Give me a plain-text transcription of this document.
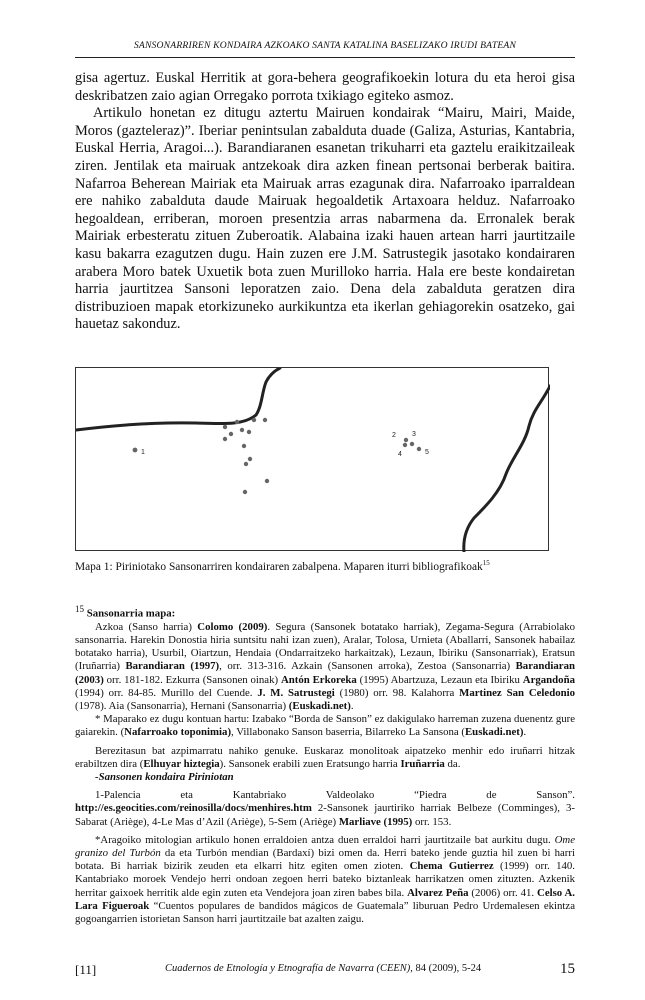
SANSONARRIREN KONDAIRA AZKOAKO SANTA KATALINA BASELIZAKO IRUDI BATEAN

gisa agertuz. Euskal Herritik at gora-behera geografikoekin lotura du eta heroi gisa deskribatzen zaio agian Orregako porrota txikiago egiteko asmoz.

Artikulo honetan ez ditugu aztertu Mairuen kondairak “Mairu, Mairi, Maide, Moros (gazteleraz)”. Iberiar penintsulan zabalduta duade (Galiza, Asturias, Kantabria, Euskal Herria, Aragoi...). Barandiaranen esanetan trikuharri eta gaztelu eraikitzaileak ziren. Jentilak eta mairuak antzekoak dira azken finean pertsonai berberak baitira. Nafarroa Beherean Mairiak eta Mairuak arras ezagunak dira. Nafarroako iparraldean ere nahiko zabalduta daude Mairuak hegoaldetik Artaxoara helduz. Nafarroako hegoaldean, erriberan, moroen presentzia arras nabarmena da. Erronalek berak Mairiak erbesteratu zituen Zuberoatik. Alabaina izaki hauen artean harri jaurtitzaile kasu bakarra ezagutzen dugu. Hain zuzen ere J.M. Satrustegik jasotako kondairaren arabera Moro batek Uxuetik bota zuen Murilloko harria. Hala ere beste kondairetan harria jaurtitzea Sansoni leporatzen zaio. Dena dela zabalduta geratzen dira distribuzioen mapak etorkizuneko aurkikuntza eta ikerlan gehiagorekin osatzeko, gai hauetaz sakonduz.

1
2 3
4	5
Mapa 1: Piriniotako Sansonarriren kondairaren zabalpena. Maparen iturri bibliografikoak$^{15}$

$^{15}$ Sansonarria mapa:

Azkoa (Sanso harria) Colomo (2009). Segura (Sansonek botatako harriak), Zegama-Segura (Arrabiolako sansonarria. Harekin Donostia hiria suntsitu nahi izan zuen), Aralar, Tolosa, Urnieta (Aballarri, Sansonek habailaz botatako harria), Usurbil, Oiartzun, Hendaia (Ondarraitzeko harkaitzak), Lezaun, Ibiriku (Sansonarriak), Eratsun (Iruñarria) Barandiaran (1997), orr. 313-316. Azkain (Sansonen arroka), Zestoa (Sansonarria) Barandiaran (2003) orr. 181-182. Ezkurra (Sansonen oinak) Antón Erkoreka (1995) Abartzuza, Lezaun eta Ibiriku Argandoña (1994) orr. 84-85. Murillo del Cuende. J. M. Satrustegi (1980) orr. 98. Kalahorra Martinez San Celedonio (1978). Aia (Sansonarria), Hernani (Sansonarria) (Euskadi.net).

* Maparako ez dugu kontuan hartu: Izabako “Borda de Sanson” ez dakigulako harreman zuzena duenentz gure gaiarekin. (Nafarroako toponimia), Villabonako Sanson baserria, Bilarreko La Sansona (Euskadi.net).

Berezitasun bat azpimarratu nahiko genuke. Euskaraz monolitoak aipatzeko menhir edo iruñarri hitzak erabiltzen dira (Elhuyar hiztegia). Sansonek erabili zuen Eratsungo harria Iruñarria da.

-Sansonen kondaira Piriniotan

1-Palencia eta Kantabriako Valdeolako “Piedra de Sanson”. http://es.geocities.com/reinosilla/docs/menhires.htm 2-Sansonek jaurtiriko harriak Belbeze (Comminges), 3-Sabarat (Ariège), 4-Le Mas d’Azil (Ariège), 5-Sem (Ariège) Marliave (1995) orr. 153.

*Aragoiko mitologian artikulo honen erraldoien antza duen erraldoi harri jaurtitzaile bat aurkitu dugu. Ome granizo del Turbón da eta Turbón mendian (Bardaxí) bizi omen da. Herri bateko jende guztia hil zuen bi harri botata. Bi harriak bizirik zeuden eta elkarri hitz egiten omen zioten. Chema Gutierrez (1999) orr. 140. Kantabriako moroek Vendejo herri ondoan zegoen herri bateko biztanleak harrikatzen omen zituzten. Azkenik herritar gaixoek herritik alde egin zuten eta Vendejora joan ziren babes bila. Alvarez Peña (2006) orr. 41. Celso A. Lara Figueroak “Cuentos populares de bandidos mágicos de Guatemala” liburuan Pedro Urdemalesen ekintza gogoangarrien istorietan Sanson harri jaurtitzaile bat azalten zaigu.

[11]	Cuadernos de Etnología y Etnografía de Navarra (CEEN), 84 (2009), 5-24	15
